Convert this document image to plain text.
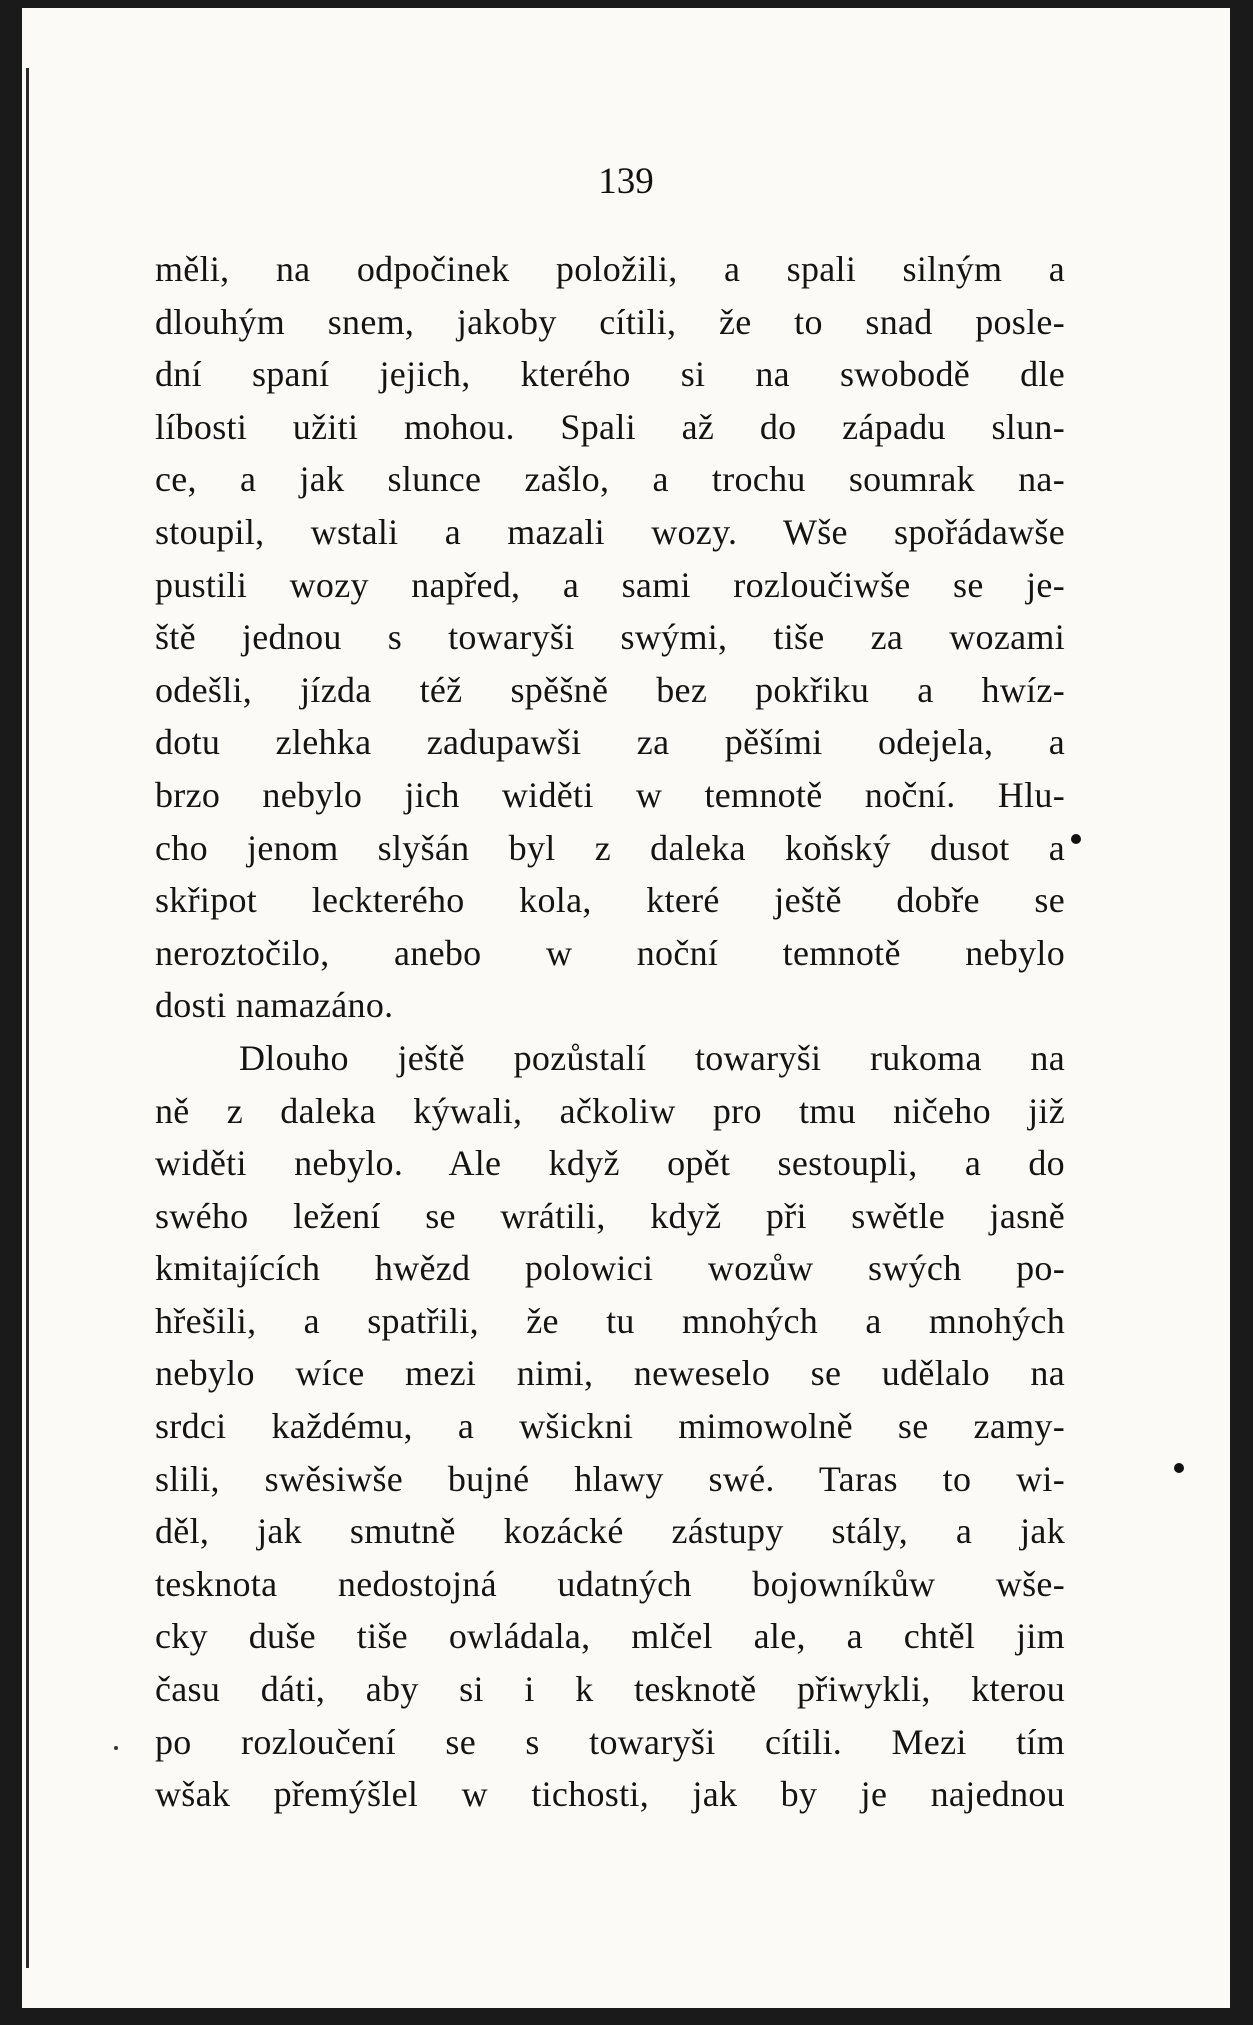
139
měli, na odpočinek položili, a spali silným a
dlouhým snem, jakoby cítili, že to snad posle-
dní spaní jejich, kterého si na swobodě dle
líbosti užiti mohou. Spali až do západu slun-
ce, a jak slunce zašlo, a trochu soumrak na-
stoupil, wstali a mazali wozy. Wše spořádawše
pustili wozy napřed, a sami rozloučiwše se je-
ště jednou s towaryši swými, tiše za wozami
odešli, jízda též spěšně bez pokřiku a hwíz-
dotu zlehka zadupawši za pěšími odejela, a
brzo nebylo jich widěti w temnotě noční. Hlu-
cho jenom slyšán byl z daleka koňský dusot a
skřipot leckterého kola, které ještě dobře se
neroztočilo, anebo w noční temnotě nebylo
dosti namazáno.
Dlouho ještě pozůstalí towaryši rukoma na
ně z daleka kýwali, ačkoliw pro tmu ničeho již
widěti nebylo. Ale když opět sestoupli, a do
swého ležení se wrátili, když při swětle jasně
kmitajících hwězd polowici wozůw swých po-
hřešili, a spatřili, že tu mnohých a mnohých
nebylo wíce mezi nimi, neweselo se udělalo na
srdci každému, a wšickni mimowolně se zamy-
slili, swěsiwše bujné hlawy swé. Taras to wi-
děl, jak smutně kozácké zástupy stály, a jak
tesknota nedostojná udatných bojowníkůw wše-
cky duše tiše owládala, mlčel ale, a chtěl jim
času dáti, aby si i k tesknotě přiwykli, kterou
po rozloučení se s towaryši cítili. Mezi tím
wšak přemýšlel w tichosti, jak by je najednou
